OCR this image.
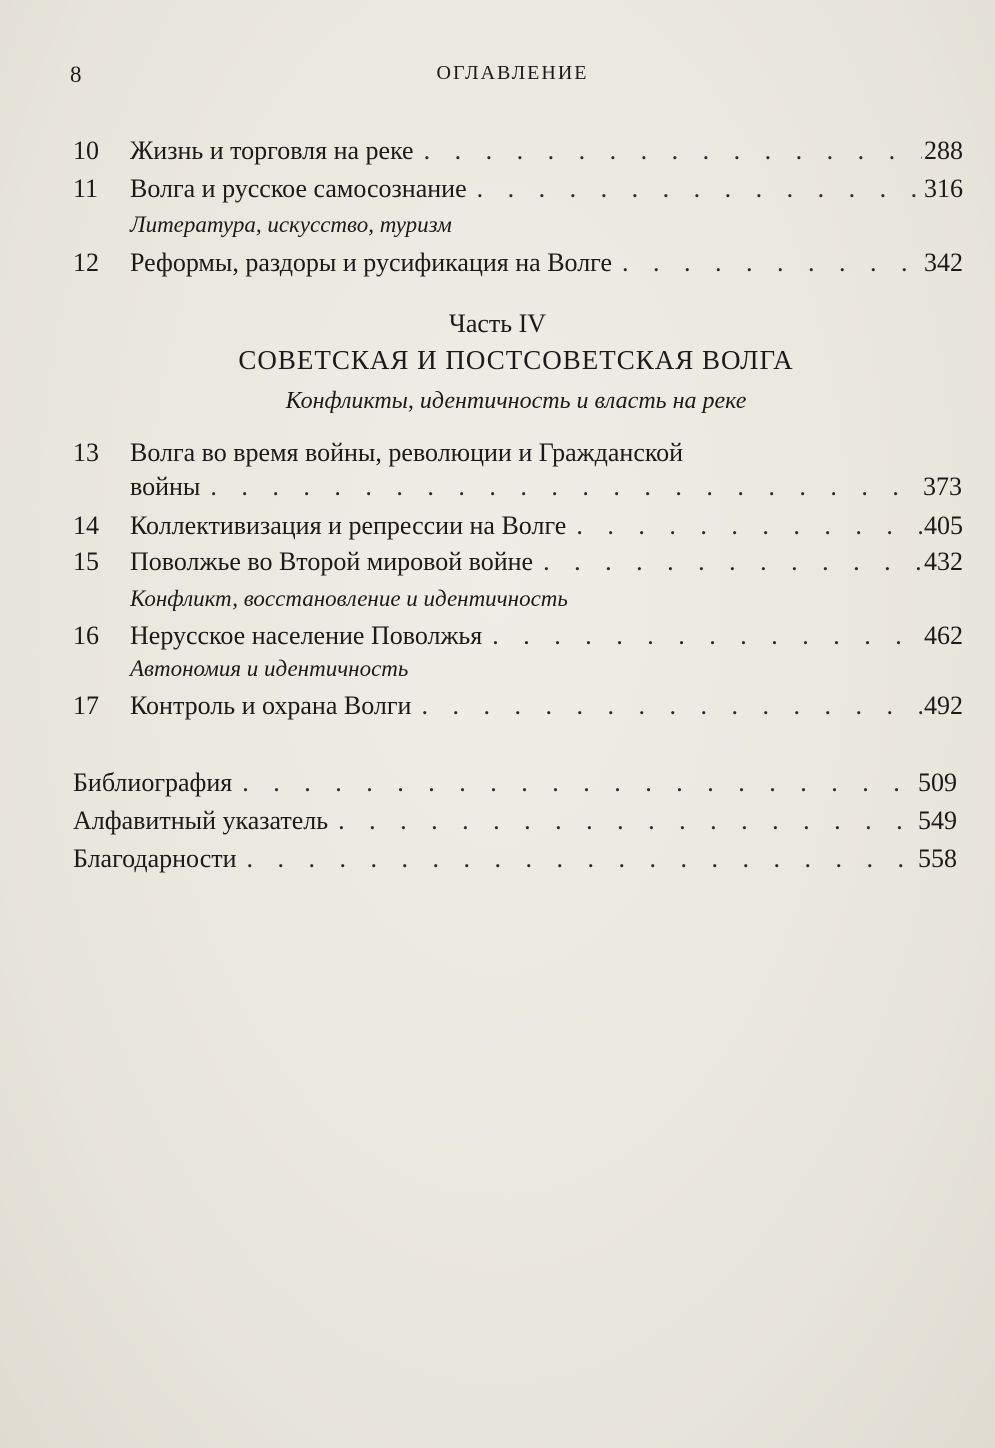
8	ОГЛАВЛЕНИЕ
10	Жизнь и торговля на реке . . .	288
11	Волга и русское самосознание . . .	316
Литература, искусство, туризм
12	Реформы, раздоры и русификация на Волге . . .	342
Часть IV
СОВЕТСКАЯ И ПОСТСОВЕТСКАЯ ВОЛГА
Конфликты, идентичность и власть на реке
13	Волга во время войны, революции и Гражданской
войны . . .	373
14	Коллективизация и репрессии на Волге . . .	405
15	Поволжье во Второй мировой войне . . .	432
Конфликт, восстановление и идентичность
16	Нерусское население Поволжья . . .	462
Автономия и идентичность
17	Контроль и охрана Волги . . .	492
Библиография . . .	509
Алфавитный указатель . . .	549
Благодарности . . .	558
